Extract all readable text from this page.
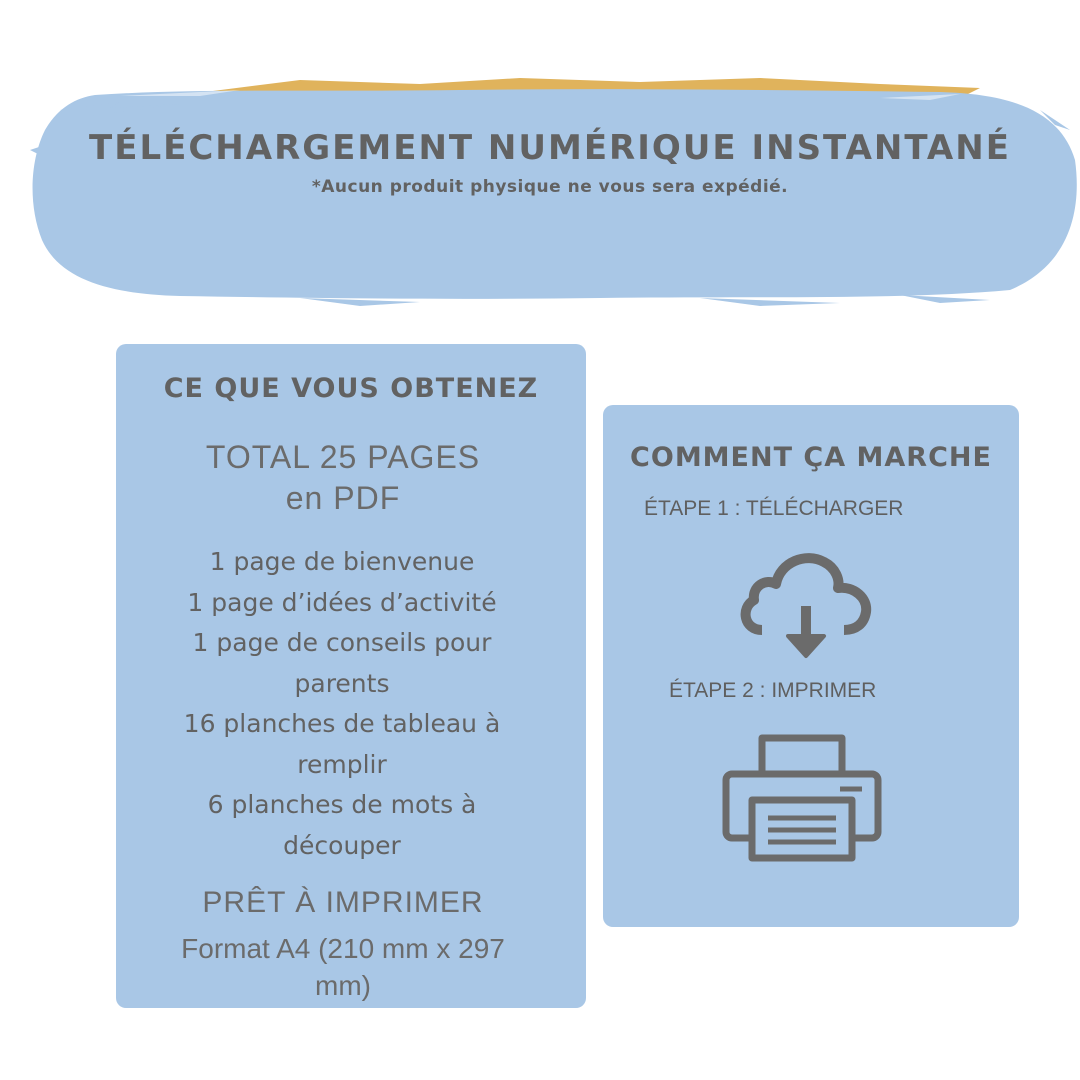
TÉLÉCHARGEMENT NUMÉRIQUE INSTANTANÉ
*Aucun produit physique ne vous sera expédié.
CE QUE VOUS OBTENEZ
TOTAL 25 PAGES
en PDF
1 page de bienvenue
1 page d’idées d’activité
1 page de conseils pour parents
16 planches de tableau à remplir
6 planches de mots à découper
PRÊT À IMPRIMER
Format A4 (210 mm x 297 mm)
COMMENT ÇA MARCHE
ÉTAPE 1 : TÉLÉCHARGER
ÉTAPE 2 : IMPRIMER
